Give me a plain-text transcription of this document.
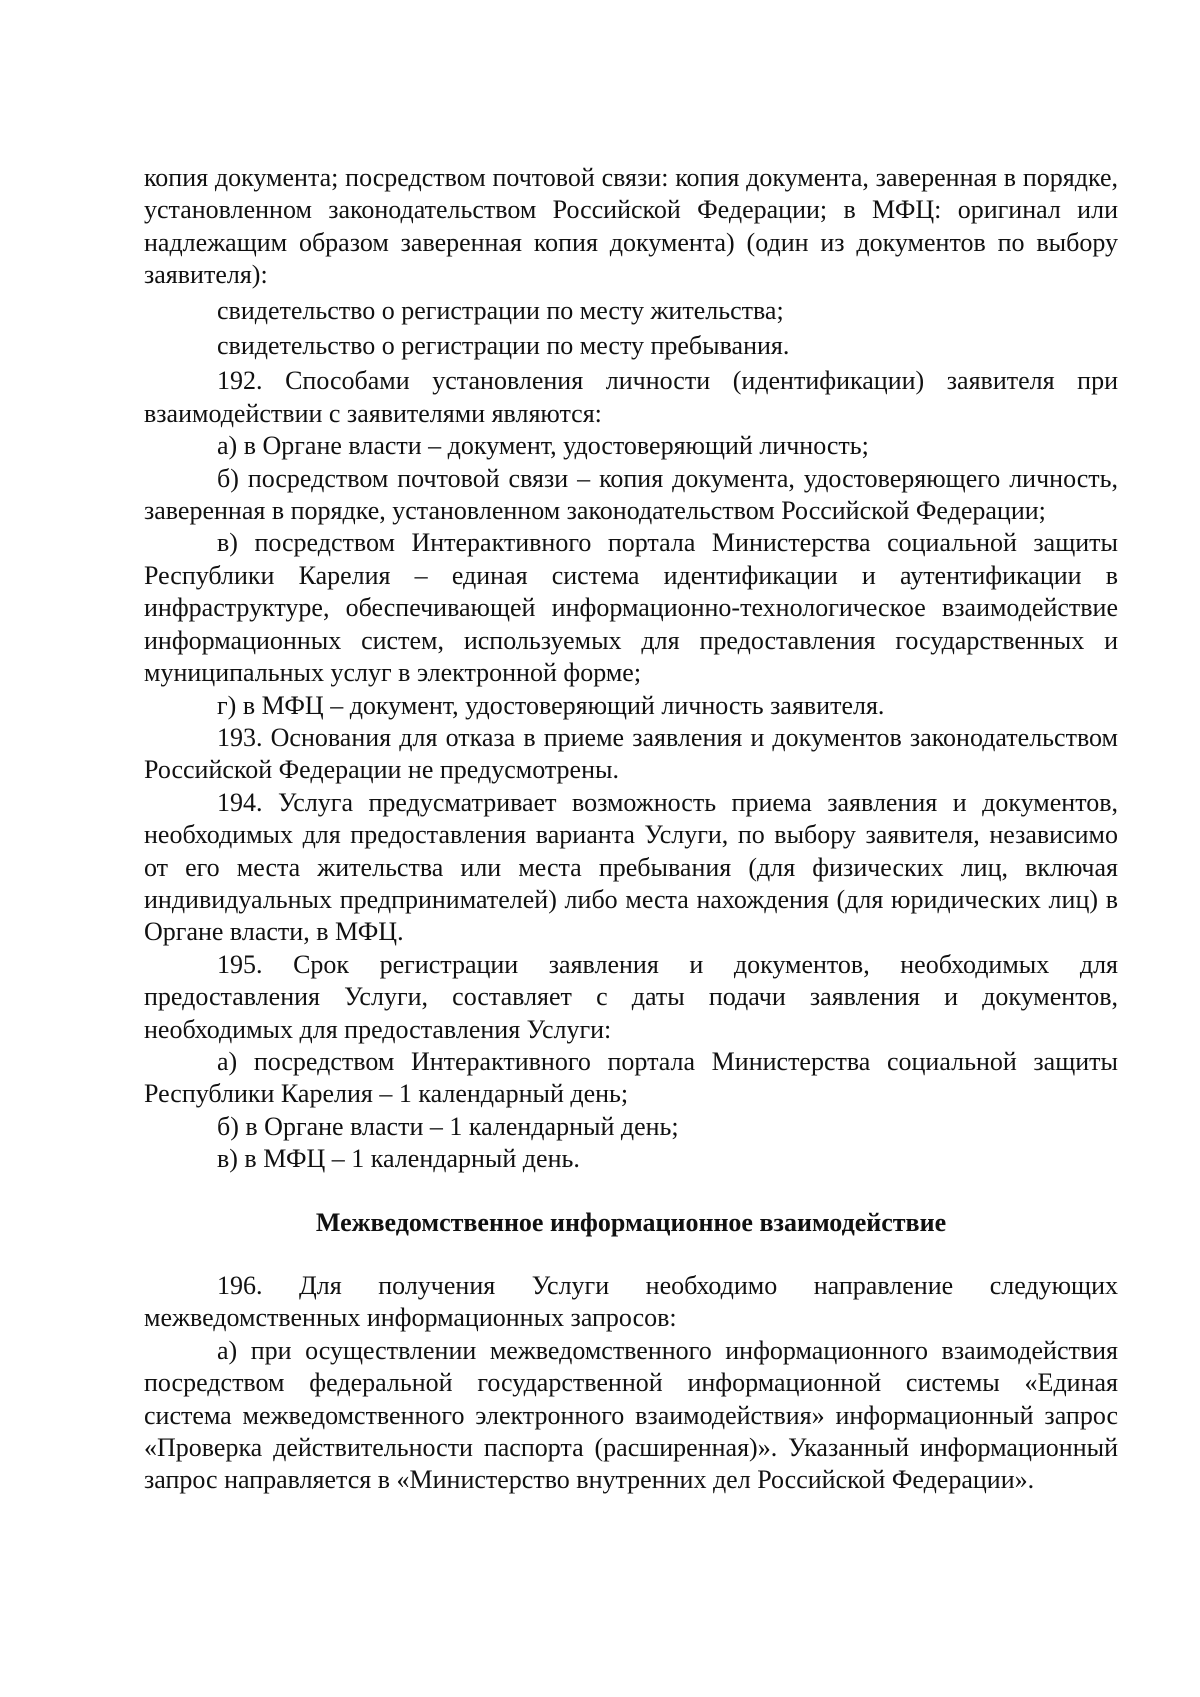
копия документа; посредством почтовой связи: копия документа, заверенная в порядке, установленном законодательством Российской Федерации; в МФЦ: оригинал или надлежащим образом заверенная копия документа) (один из документов по выбору заявителя):

свидетельство о регистрации по месту жительства;

свидетельство о регистрации по месту пребывания.

192. Способами установления личности (идентификации) заявителя при взаимодействии с заявителями являются:

а) в Органе власти – документ, удостоверяющий личность;

б) посредством почтовой связи – копия документа, удостоверяющего личность, заверенная в порядке, установленном законодательством Российской Федерации;

в) посредством Интерактивного портала Министерства социальной защиты Республики Карелия – единая система идентификации и аутентификации в инфраструктуре, обеспечивающей информационно-технологическое взаимодействие информационных систем, используемых для предоставления государственных и муниципальных услуг в электронной форме;

г) в МФЦ – документ, удостоверяющий личность заявителя.

193. Основания для отказа в приеме заявления и документов законодательством Российской Федерации не предусмотрены.

194. Услуга предусматривает возможность приема заявления и документов, необходимых для предоставления варианта Услуги, по выбору заявителя, независимо от его места жительства или места пребывания (для физических лиц, включая индивидуальных предпринимателей) либо места нахождения (для юридических лиц) в Органе власти, в МФЦ.

195. Срок регистрации заявления и документов, необходимых для предоставления Услуги, составляет с даты подачи заявления и документов, необходимых для предоставления Услуги:

а) посредством Интерактивного портала Министерства социальной защиты Республики Карелия – 1 календарный день;

б) в Органе власти – 1 календарный день;

в) в МФЦ – 1 календарный день.

Межведомственное информационное взаимодействие

196. Для получения Услуги необходимо направление следующих межведомственных информационных запросов:

а) при осуществлении межведомственного информационного взаимодействия посредством федеральной государственной информационной системы «Единая система межведомственного электронного взаимодействия» информационный запрос «Проверка действительности паспорта (расширенная)». Указанный информационный запрос направляется в «Министерство внутренних дел Российской Федерации».
